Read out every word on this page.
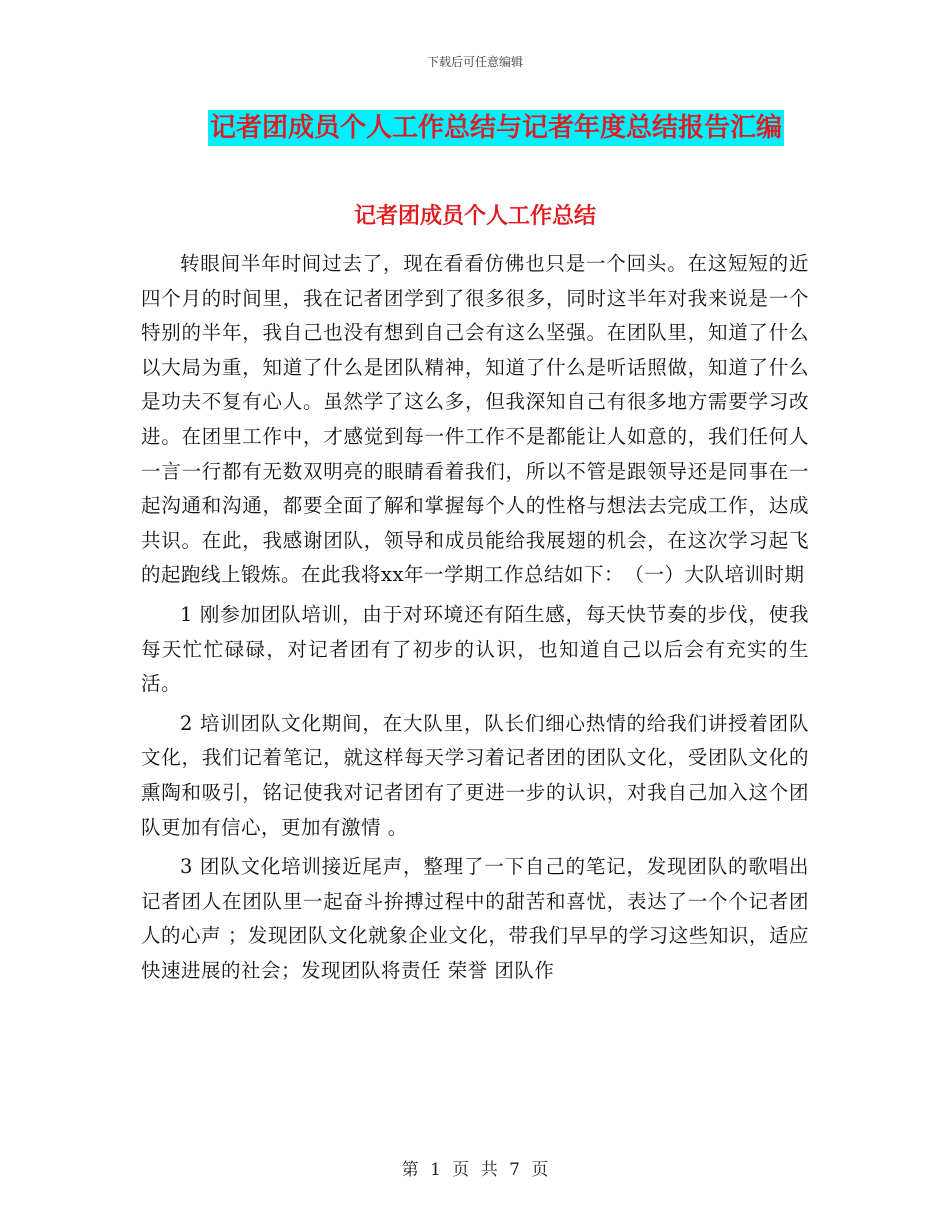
下载后可任意编辑
记者团成员个人工作总结与记者年度总结报告汇编
记者团成员个人工作总结

转眼间半年时间过去了，现在看看仿佛也只是一个回头。在这短短的近四个月的时间里，我在记者团学到了很多很多，同时这半年对我来说是一个特别的半年，我自己也没有想到自己会有这么坚强。在团队里，知道了什么以大局为重，知道了什么是团队精神，知道了什么是听话照做，知道了什么是功夫不复有心人。虽然学了这么多，但我深知自己有很多地方需要学习改进。在团里工作中，才感觉到每一件工作不是都能让人如意的，我们任何人一言一行都有无数双明亮的眼睛看着我们，所以不管是跟领导还是同事在一起沟通和沟通，都要全面了解和掌握每个人的性格与想法去完成工作，达成共识。在此，我感谢团队，领导和成员能给我展翅的机会，在这次学习起飞的起跑线上锻炼。在此我将xx年一学期工作总结如下：　（一）大队培训时期

1 刚参加团队培训，由于对环境还有陌生感，每天快节奏的步伐，使我每天忙忙碌碌，对记者团有了初步的认识，也知道自己以后会有充实的生活。

2 培训团队文化期间，在大队里，队长们细心热情的给我们讲授着团队文化，我们记着笔记，就这样每天学习着记者团的团队文化，受团队文化的熏陶和吸引，铭记使我对记者团有了更进一步的认识，对我自己加入这个团队更加有信心，更加有激情 。

3 团队文化培训接近尾声，整理了一下自己的笔记，发现团队的歌唱出记者团人在团队里一起奋斗拚搏过程中的甜苦和喜忧，表达了一个个记者团人的心声 ；发现团队文化就象企业文化，带我们早早的学习这些知识，适应快速进展的社会；发现团队将责任 荣誉 团队作

第 1 页 共 7 页
